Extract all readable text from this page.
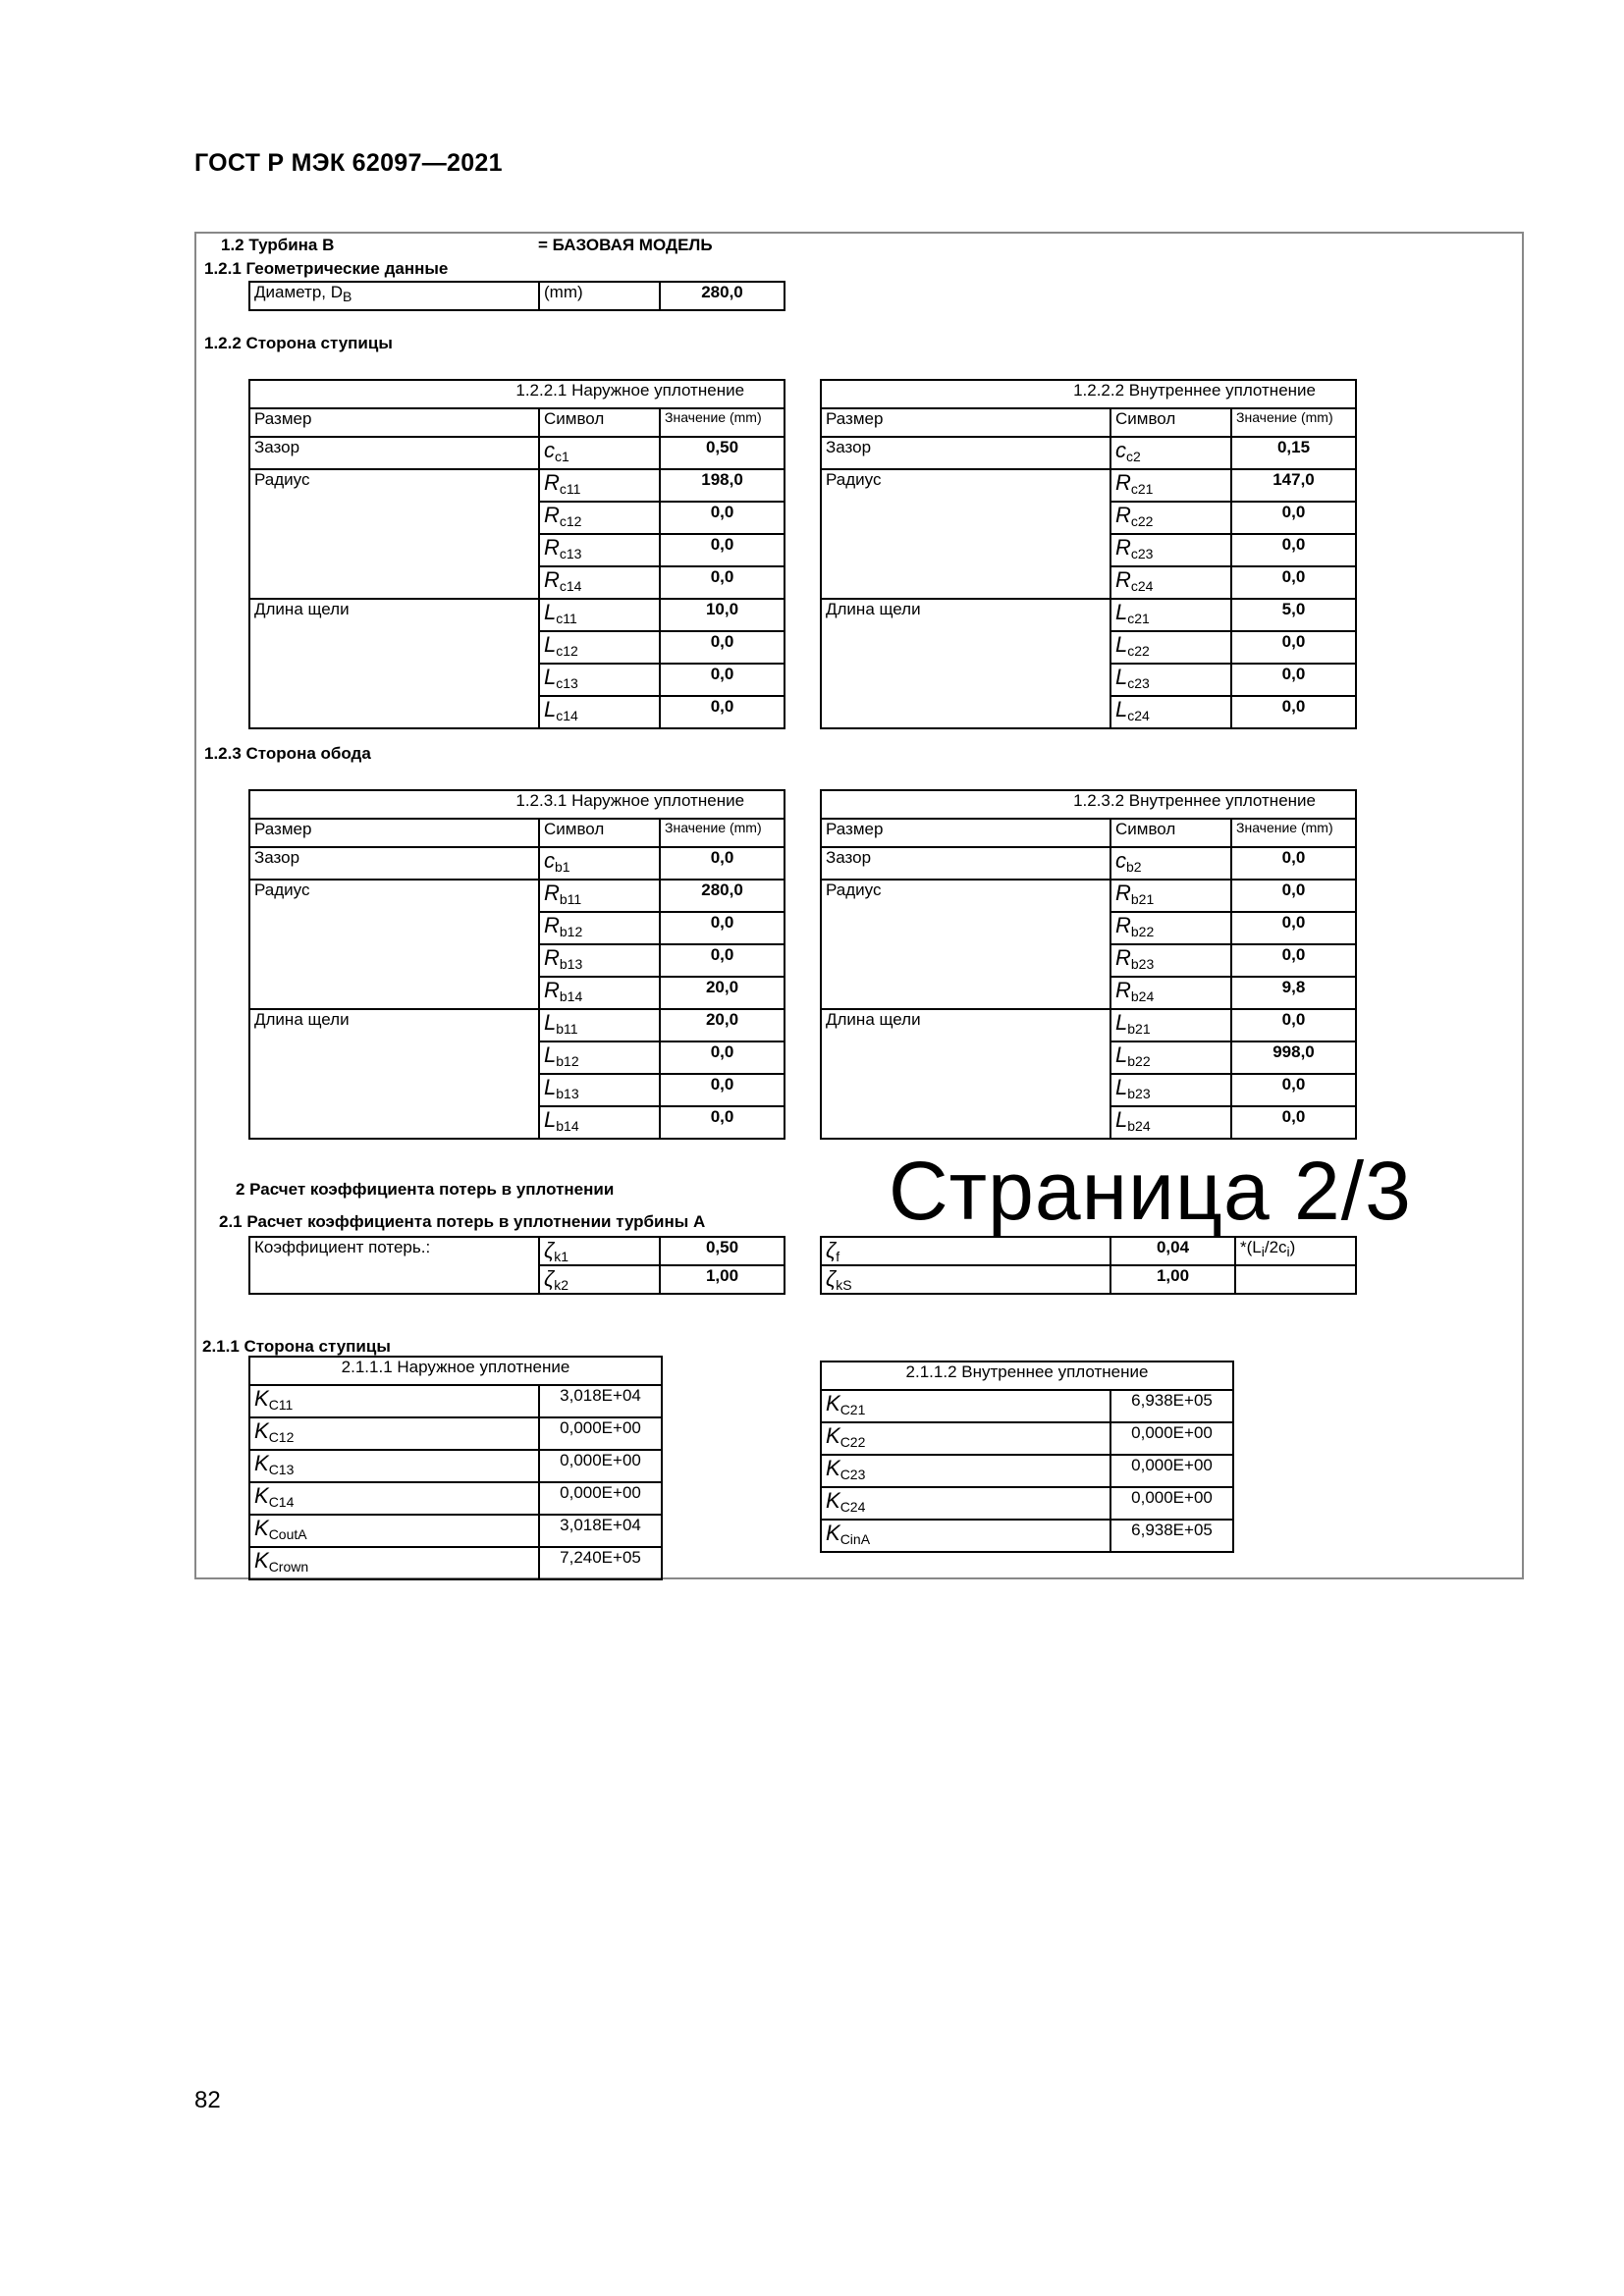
ГОСТ Р МЭК 62097—2021
1.2 Турбина B	= БАЗОВАЯ МОДЕЛЬ
1.2.1 Геометрические данные
Диаметр, $D_B$	(mm)	280,0
1.2.2 Сторона ступицы
1.2.2.1 Наружное уплотнение		
Размер	Символ	Значение (mm)
Зазор	$c_{c1}$	0,50
Радиус	$R_{c11}$	198,0
	$R_{c12}$	0,0
	$R_{c13}$	0,0
	$R_{c14}$	0,0
Длина щели	$L_{c11}$	10,0
	$L_{c12}$	0,0
	$L_{c13}$	0,0
	$L_{c14}$	0,0
1.2.2.2 Внутреннее уплотнение		
Размер	Символ	Значение (mm)
Зазор	$c_{c2}$	0,15
Радиус	$R_{c21}$	147,0
	$R_{c22}$	0,0
	$R_{c23}$	0,0
	$R_{c24}$	0,0
Длина щели	$L_{c21}$	5,0
	$L_{c22}$	0,0
	$L_{c23}$	0,0
	$L_{c24}$	0,0
1.2.3 Сторона обода
1.2.3.1 Наружное уплотнение		
Размер	Символ	Значение (mm)
Зазор	$c_{b1}$	0,0
Радиус	$R_{b11}$	280,0
	$R_{b12}$	0,0
	$R_{b13}$	0,0
	$R_{b14}$	20,0
Длина щели	$L_{b11}$	20,0
	$L_{b12}$	0,0
	$L_{b13}$	0,0
	$L_{b14}$	0,0
1.2.3.2 Внутреннее уплотнение		
Размер	Символ	Значение (mm)
Зазор	$c_{b2}$	0,0
Радиус	$R_{b21}$	0,0
	$R_{b22}$	0,0
	$R_{b23}$	0,0
	$R_{b24}$	9,8
Длина щели	$L_{b21}$	0,0
	$L_{b22}$	998,0
	$L_{b23}$	0,0
	$L_{b24}$	0,0
Страница 2/3
2 Расчет коэффициента потерь в уплотнении
2.1 Расчет коэффициента потерь в уплотнении турбины А
Коэффициент потерь.:	$\zeta_{k1}$	0,50
	$\zeta_{k2}$	1,00
$\zeta_f$	0,04	$*(L_i/2c_i)$
$\zeta_{kS}$	1,00	
2.1.1 Сторона ступицы
2.1.1.1 Наружное уплотнение	
$K_{C11}$	3,018E+04
$K_{C12}$	0,000E+00
$K_{C13}$	0,000E+00
$K_{C14}$	0,000E+00
$K_{CoutA}$	3,018E+04
$K_{Crown}$	7,240E+05
2.1.1.2 Внутреннее уплотнение	
$K_{C21}$	6,938E+05
$K_{C22}$	0,000E+00
$K_{C23}$	0,000E+00
$K_{C24}$	0,000E+00
$K_{CinA}$	6,938E+05
82
